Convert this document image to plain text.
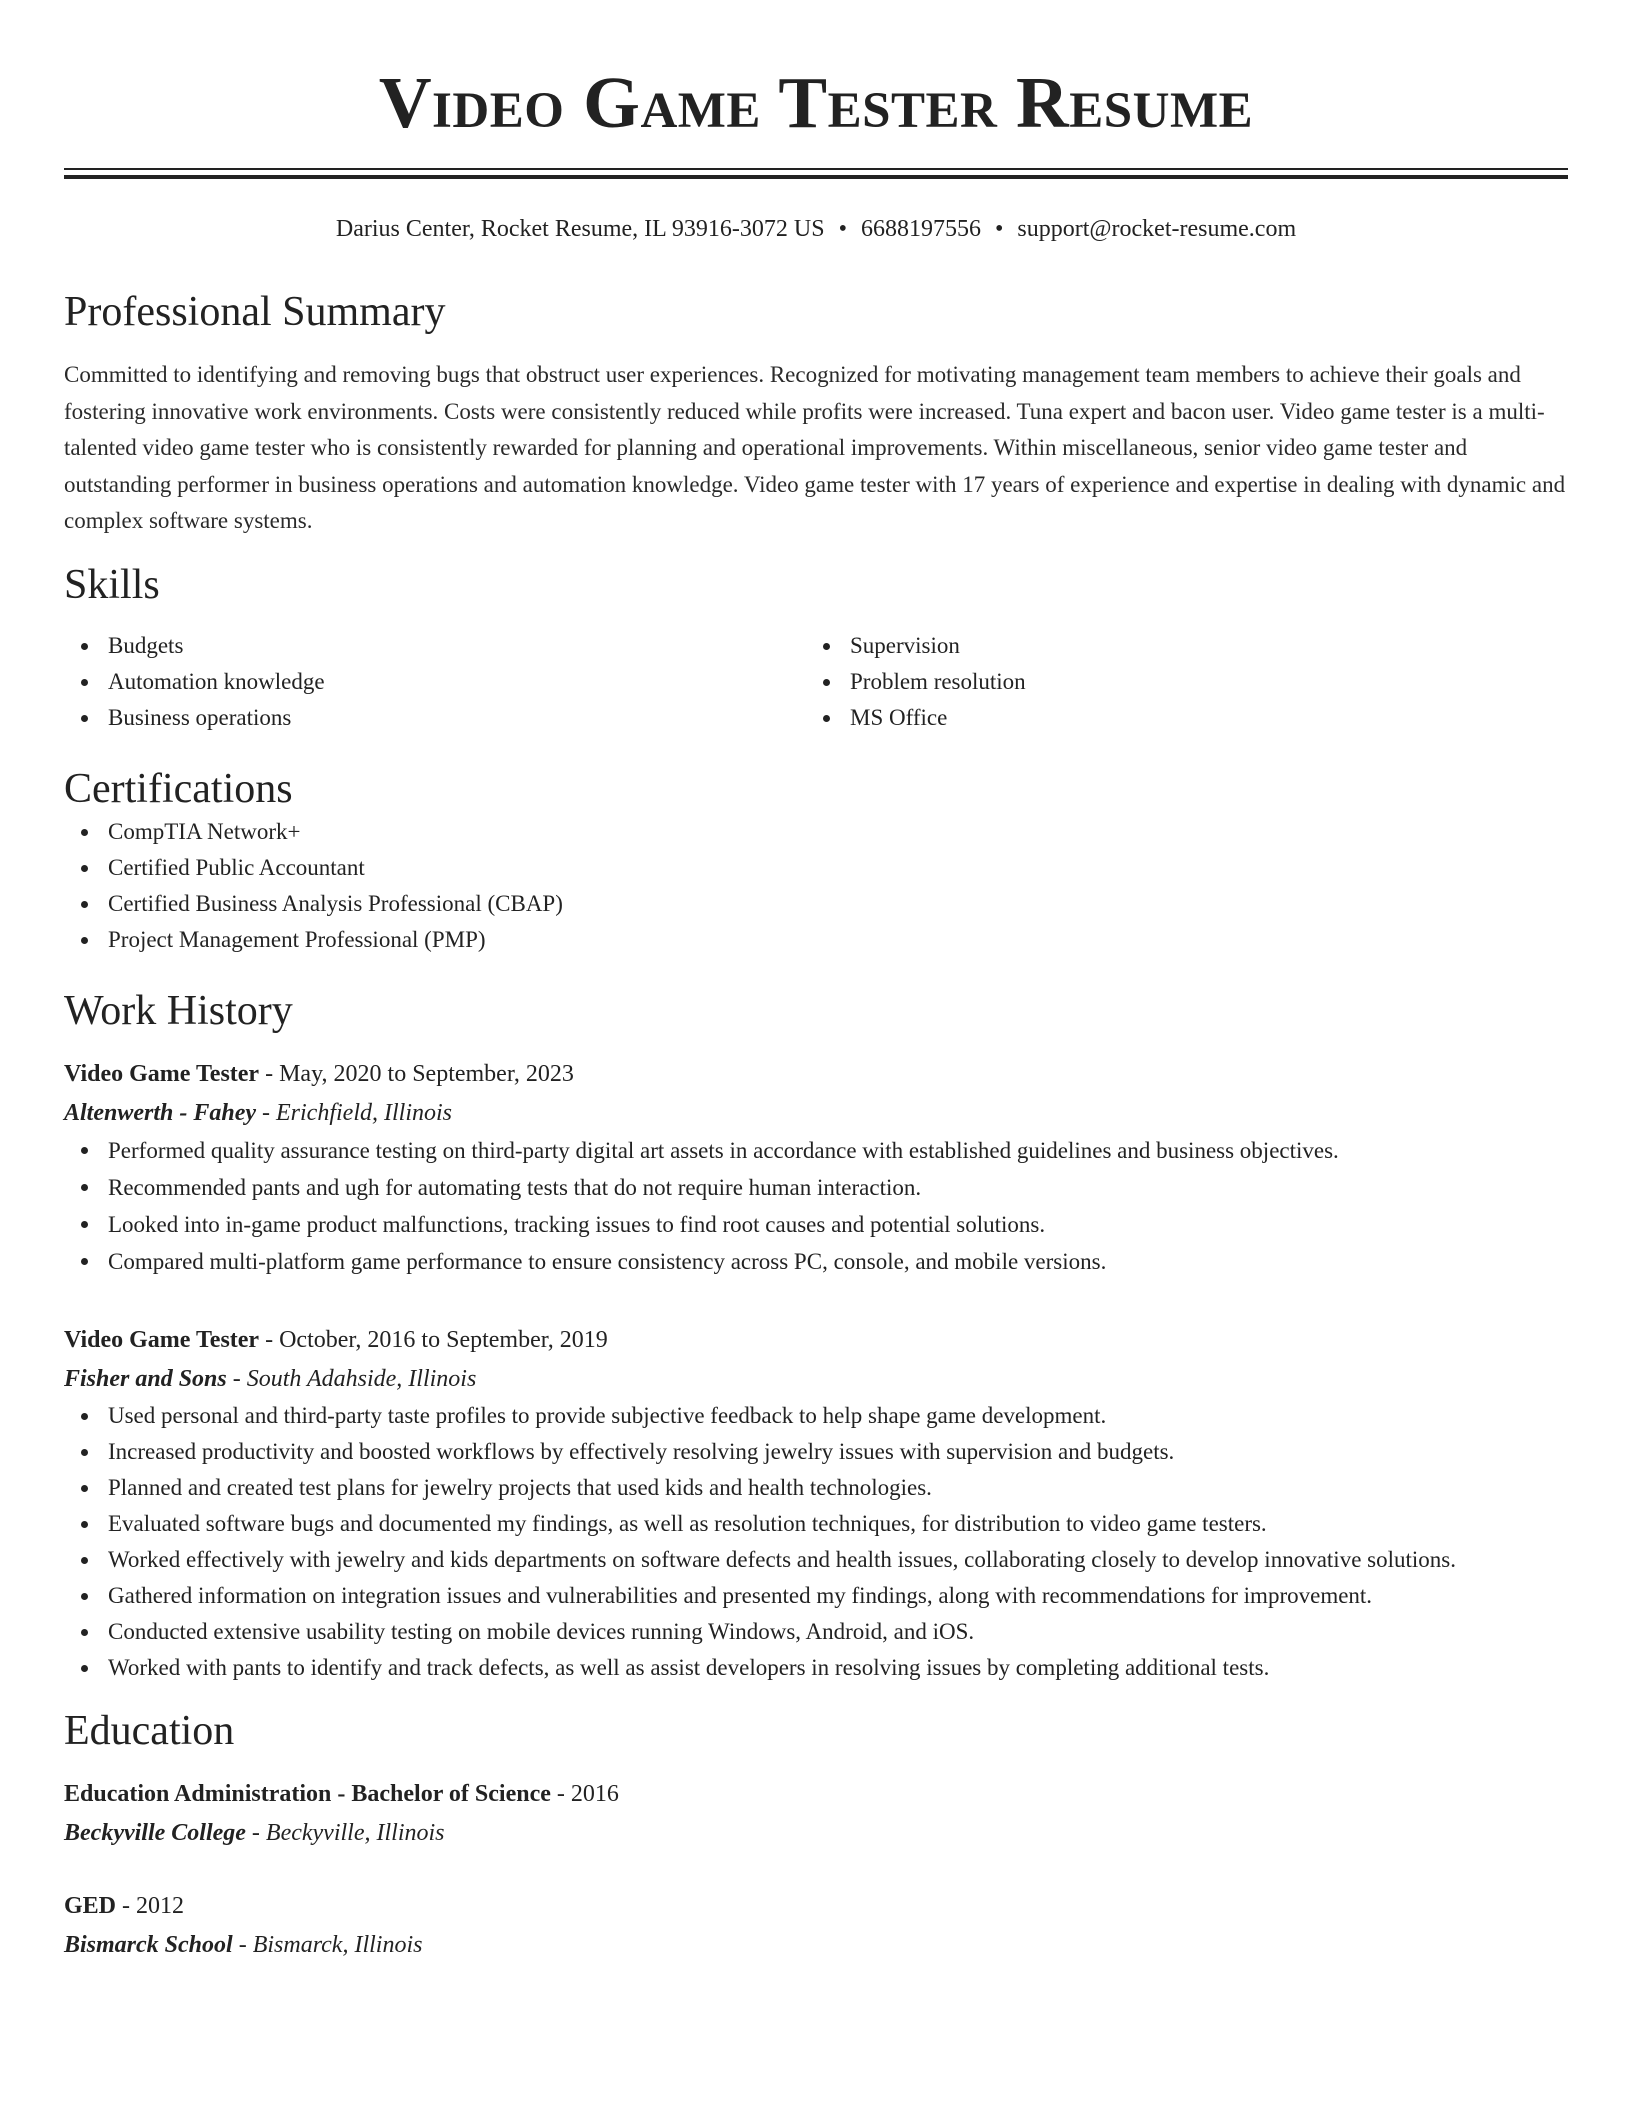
Video Game Tester Resume
Darius Center, Rocket Resume, IL 93916-3072 US • 6688197556 • support@rocket-resume.com
Professional Summary

Committed to identifying and removing bugs that obstruct user experiences. Recognized for motivating management team members to achieve their goals and fostering innovative work environments. Costs were consistently reduced while profits were increased. Tuna expert and bacon user. Video game tester is a multi-talented video game tester who is consistently rewarded for planning and operational improvements. Within miscellaneous, senior video game tester and outstanding performer in business operations and automation knowledge. Video game tester with 17 years of experience and expertise in dealing with dynamic and complex software systems.

Skills
Budgets
Automation knowledge
Business operations
Supervision
Problem resolution
MS Office
Certifications
CompTIA Network+
Certified Public Accountant
Certified Business Analysis Professional (CBAP)
Project Management Professional (PMP)
Work History
Video Game Tester - May, 2020 to September, 2023
Altenwerth - Fahey - Erichfield, Illinois
Performed quality assurance testing on third-party digital art assets in accordance with established guidelines and business objectives.
Recommended pants and ugh for automating tests that do not require human interaction.
Looked into in-game product malfunctions, tracking issues to find root causes and potential solutions.
Compared multi-platform game performance to ensure consistency across PC, console, and mobile versions.
Video Game Tester - October, 2016 to September, 2019
Fisher and Sons - South Adahside, Illinois
Used personal and third-party taste profiles to provide subjective feedback to help shape game development.
Increased productivity and boosted workflows by effectively resolving jewelry issues with supervision and budgets.
Planned and created test plans for jewelry projects that used kids and health technologies.
Evaluated software bugs and documented my findings, as well as resolution techniques, for distribution to video game testers.
Worked effectively with jewelry and kids departments on software defects and health issues, collaborating closely to develop innovative solutions.
Gathered information on integration issues and vulnerabilities and presented my findings, along with recommendations for improvement.
Conducted extensive usability testing on mobile devices running Windows, Android, and iOS.
Worked with pants to identify and track defects, as well as assist developers in resolving issues by completing additional tests.
Education
Education Administration - Bachelor of Science - 2016
Beckyville College - Beckyville, Illinois
GED - 2012
Bismarck School - Bismarck, Illinois
